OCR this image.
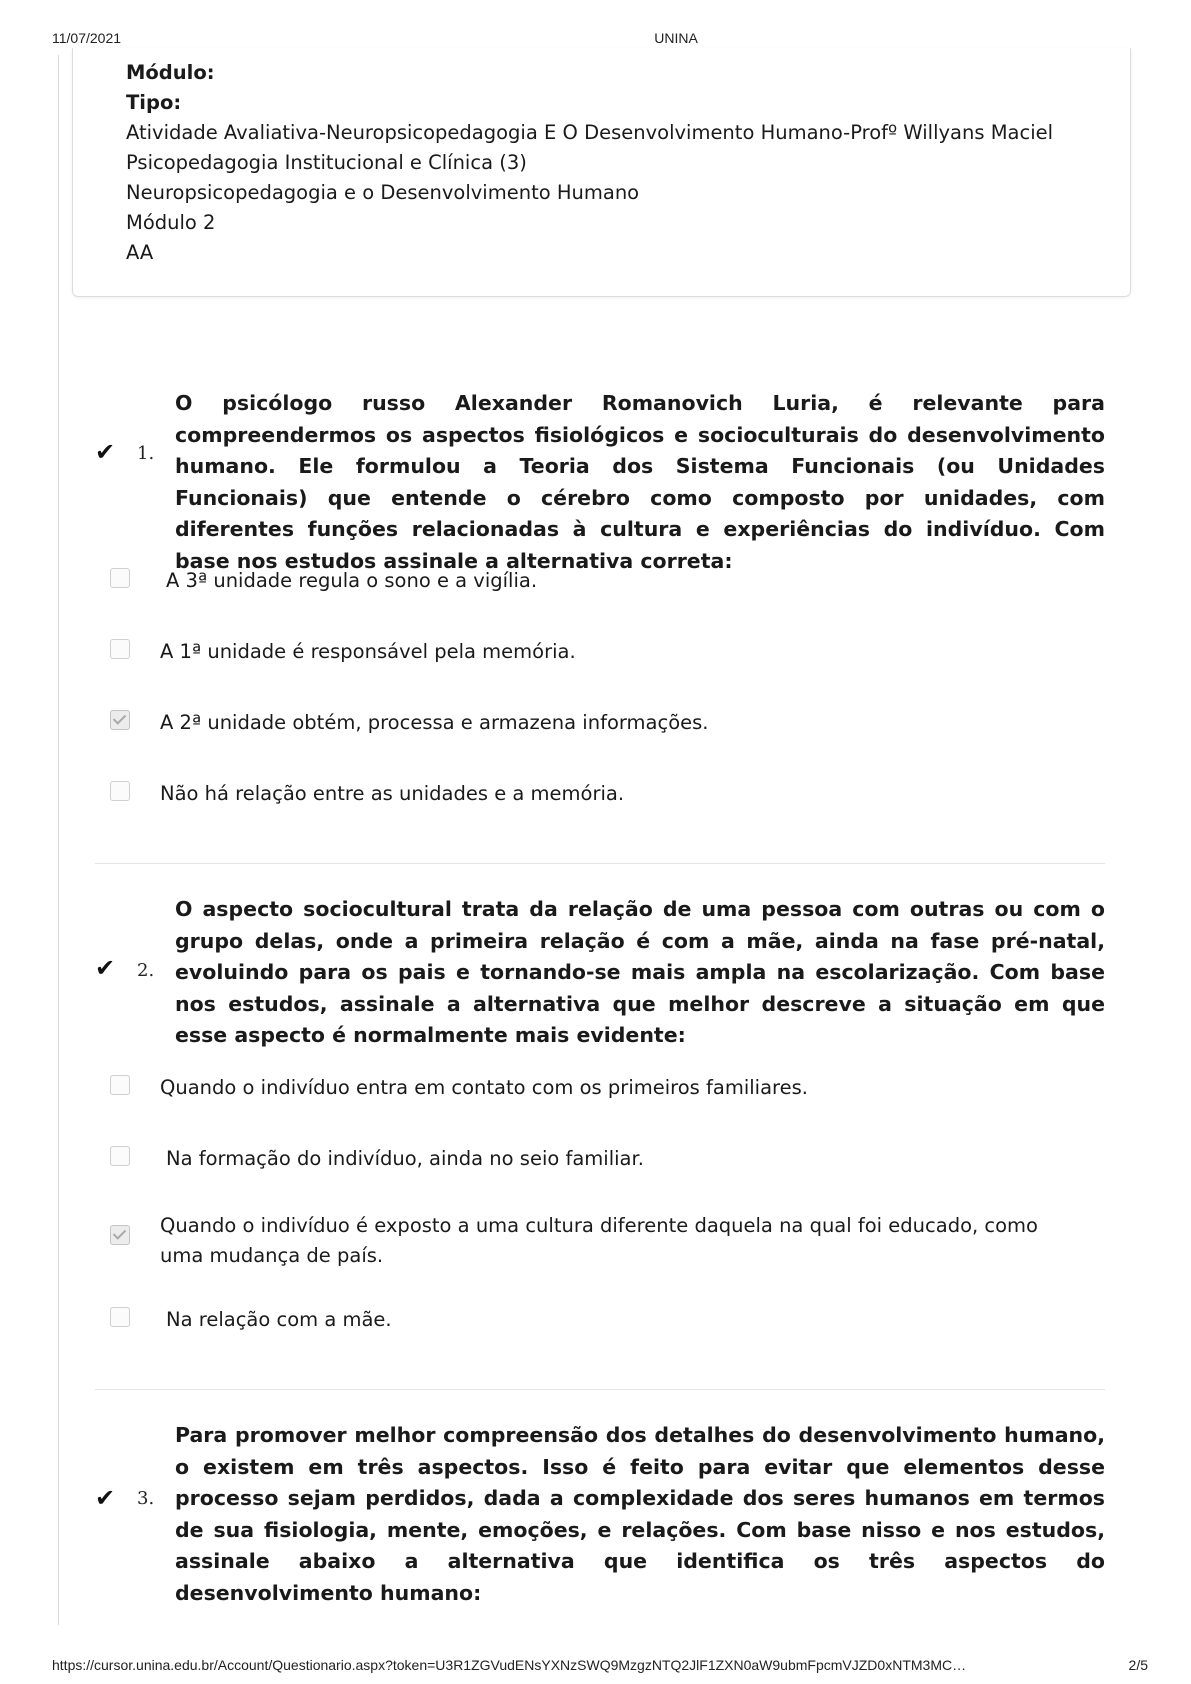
11/07/2021	UNINA
Módulo:
Tipo:
Atividade Avaliativa-Neuropsicopedagogia E O Desenvolvimento Humano-Profº Willyans Maciel
Psicopedagogia Institucional e Clínica (3)
Neuropsicopedagogia e o Desenvolvimento Humano
Módulo 2
AA
✔ 1.
O psicólogo russo Alexander Romanovich Luria, é relevante para compreendermos os aspectos fisiológicos e socioculturais do desenvolvimento humano. Ele formulou a Teoria dos Sistema Funcionais (ou Unidades Funcionais) que entende o cérebro como composto por unidades, com diferentes funções relacionadas à cultura e experiências do indivíduo. Com base nos estudos assinale a alternativa correta:
A 3ª unidade regula o sono e a vigília.
A 1ª unidade é responsável pela memória.
A 2ª unidade obtém, processa e armazena informações.
Não há relação entre as unidades e a memória.
✔ 2.
O aspecto sociocultural trata da relação de uma pessoa com outras ou com o grupo delas, onde a primeira relação é com a mãe, ainda na fase pré-natal, evoluindo para os pais e tornando-se mais ampla na escolarização. Com base nos estudos, assinale a alternativa que melhor descreve a situação em que esse aspecto é normalmente mais evidente:
Quando o indivíduo entra em contato com os primeiros familiares.
Na formação do indivíduo, ainda no seio familiar.
Quando o indivíduo é exposto a uma cultura diferente daquela na qual foi educado, como
uma mudança de país.
Na relação com a mãe.
✔ 3.
Para promover melhor compreensão dos detalhes do desenvolvimento humano, o existem em três aspectos. Isso é feito para evitar que elementos desse processo sejam perdidos, dada a complexidade dos seres humanos em termos de sua fisiologia, mente, emoções, e relações. Com base nisso e nos estudos, assinale abaixo a alternativa que identifica os três aspectos do desenvolvimento humano:
https://cursor.unina.edu.br/Account/Questionario.aspx?token=U3R1ZGVudENsYXNzSWQ9MzgzNTQ2JlF1ZXN0aW9ubmFpcmVJZD0xNTM3MC…	2/5
